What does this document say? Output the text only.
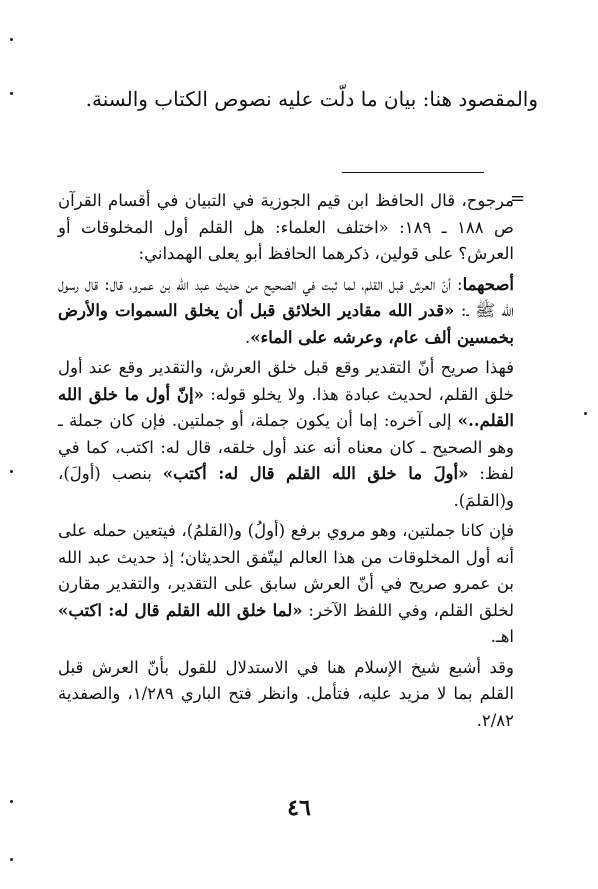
والمقصود هنا: بيان ما دلّت عليه نصوص الكتاب والسنة.
=

مرجوح، قال الحافظ ابن قيم الجوزية في التبيان في أقسام القرآن ص ١٨٨ ـ ١٨٩: «اختلف العلماء: هل القلم أول المخلوقات أو العرش؟ على قولين، ذكرهما الحافظ أبو يعلى الهمداني:

أصحهما: أنّ العرش قبل القلم، لما ثبت في الصحيح من حديث عبد الله بن عمرو، قال: قال رسول الله ﷺ ـ: «قدر الله مقادير الخلائق قبل أن يخلق السموات والأرض بخمسين ألف عام، وعرشه على الماء».

فهذا صريح أنّ التقدير وقع قبل خلق العرش، والتقدير وقع عند أول خلق القلم، لحديث عبادة هذا. ولا يخلو قوله: «إنّ أول ما خلق الله القلم..» إلى آخره: إما أن يكون جملة، أو جملتين. فإن كان جملة ـ وهو الصحيح ـ كان معناه أنه عند أول خلقه، قال له: اكتب، كما في لفظ: «أولَ ما خلق الله القلم قال له: أكتب» بنصب (أولَ)، و(القلمَ).

فإن كانا جملتين، وهو مروي برفع (أولُ) و(القلمُ)، فيتعين حمله على أنه أول المخلوقات من هذا العالم ليتّفق الحديثان؛ إذ حديث عبد الله بن عمرو صريح في أنّ العرش سابق على التقدير، والتقدير مقارن لخلق القلم، وفي اللفظ الآخر: «لما خلق الله القلم قال له: اكتب» اهـ.

وقد أشبع شيخ الإسلام هنا في الاستدلال للقول بأنّ العرش قبل القلم بما لا مزيد عليه، فتأمل. وانظر فتح الباري ١/٢٨٩، والصفدية ٢/٨٢.

٤٦
